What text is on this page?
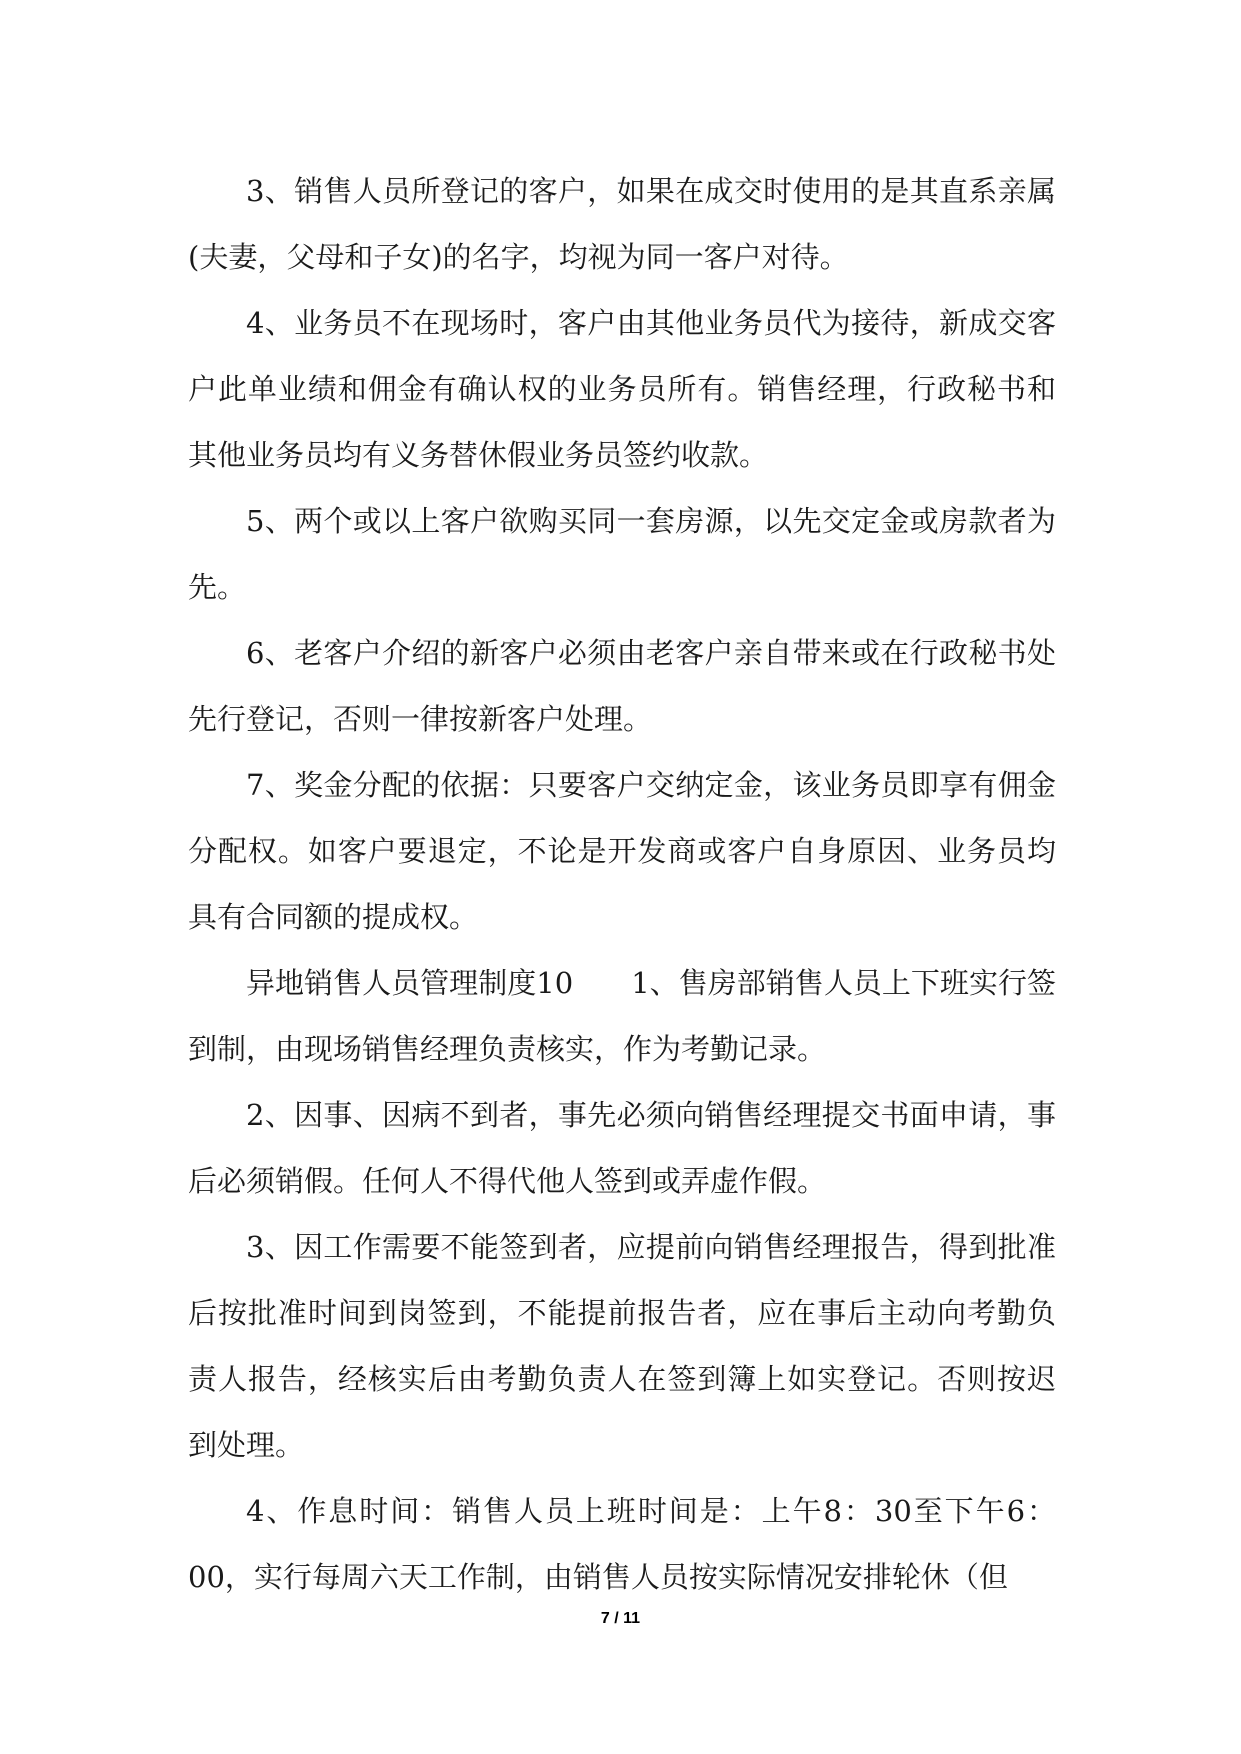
3、销售人员所登记的客户，如果在成交时使用的是其直系亲属(夫妻，父母和子女)的名字，均视为同一客户对待。

4、业务员不在现场时，客户由其他业务员代为接待，新成交客户此单业绩和佣金有确认权的业务员所有。销售经理，行政秘书和其他业务员均有义务替休假业务员签约收款。

5、两个或以上客户欲购买同一套房源，以先交定金或房款者为先。

6、老客户介绍的新客户必须由老客户亲自带来或在行政秘书处先行登记，否则一律按新客户处理。

7、奖金分配的依据：只要客户交纳定金，该业务员即享有佣金分配权。如客户要退定，不论是开发商或客户自身原因、业务员均具有合同额的提成权。

异地销售人员管理制度10　　1、售房部销售人员上下班实行签到制，由现场销售经理负责核实，作为考勤记录。

2、因事、因病不到者，事先必须向销售经理提交书面申请，事后必须销假。任何人不得代他人签到或弄虚作假。

3、因工作需要不能签到者，应提前向销售经理报告，得到批准后按批准时间到岗签到，不能提前报告者，应在事后主动向考勤负责人报告，经核实后由考勤负责人在签到簿上如实登记。否则按迟到处理。

4、作息时间：销售人员上班时间是：上午8：30至下午6：00，实行每周六天工作制，由销售人员按实际情况安排轮休（但

7 / 11
